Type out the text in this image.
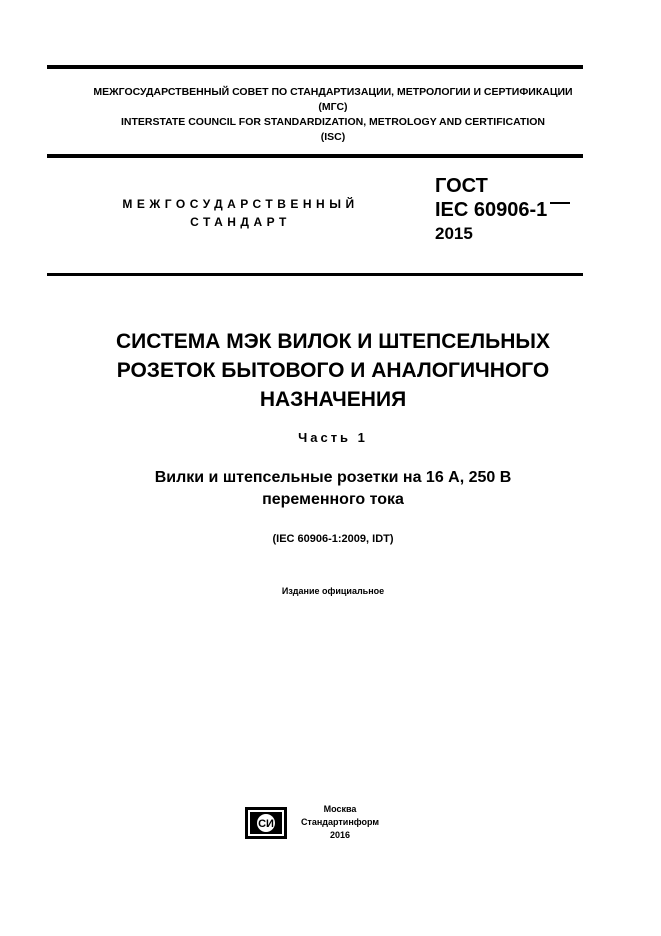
МЕЖГОСУДАРСТВЕННЫЙ СОВЕТ ПО СТАНДАРТИЗАЦИИ, МЕТРОЛОГИИ И СЕРТИФИКАЦИИ
(МГС)
INTERSTATE COUNCIL FOR STANDARDIZATION, METROLOGY AND CERTIFICATION
(ISC)
МЕЖГОСУДАРСТВЕННЫЙ
СТАНДАРТ
ГОСТ
IEC 60906-1
2015
СИСТЕМА МЭК ВИЛОК И ШТЕПСЕЛЬНЫХ
РОЗЕТОК БЫТОВОГО И АНАЛОГИЧНОГО
НАЗНАЧЕНИЯ
Часть 1
Вилки и штепсельные розетки на 16 А, 250 В
переменного тока
(IEC 60906-1:2009, IDT)
Издание официальное
СИ
Москва
Стандартинформ
2016
